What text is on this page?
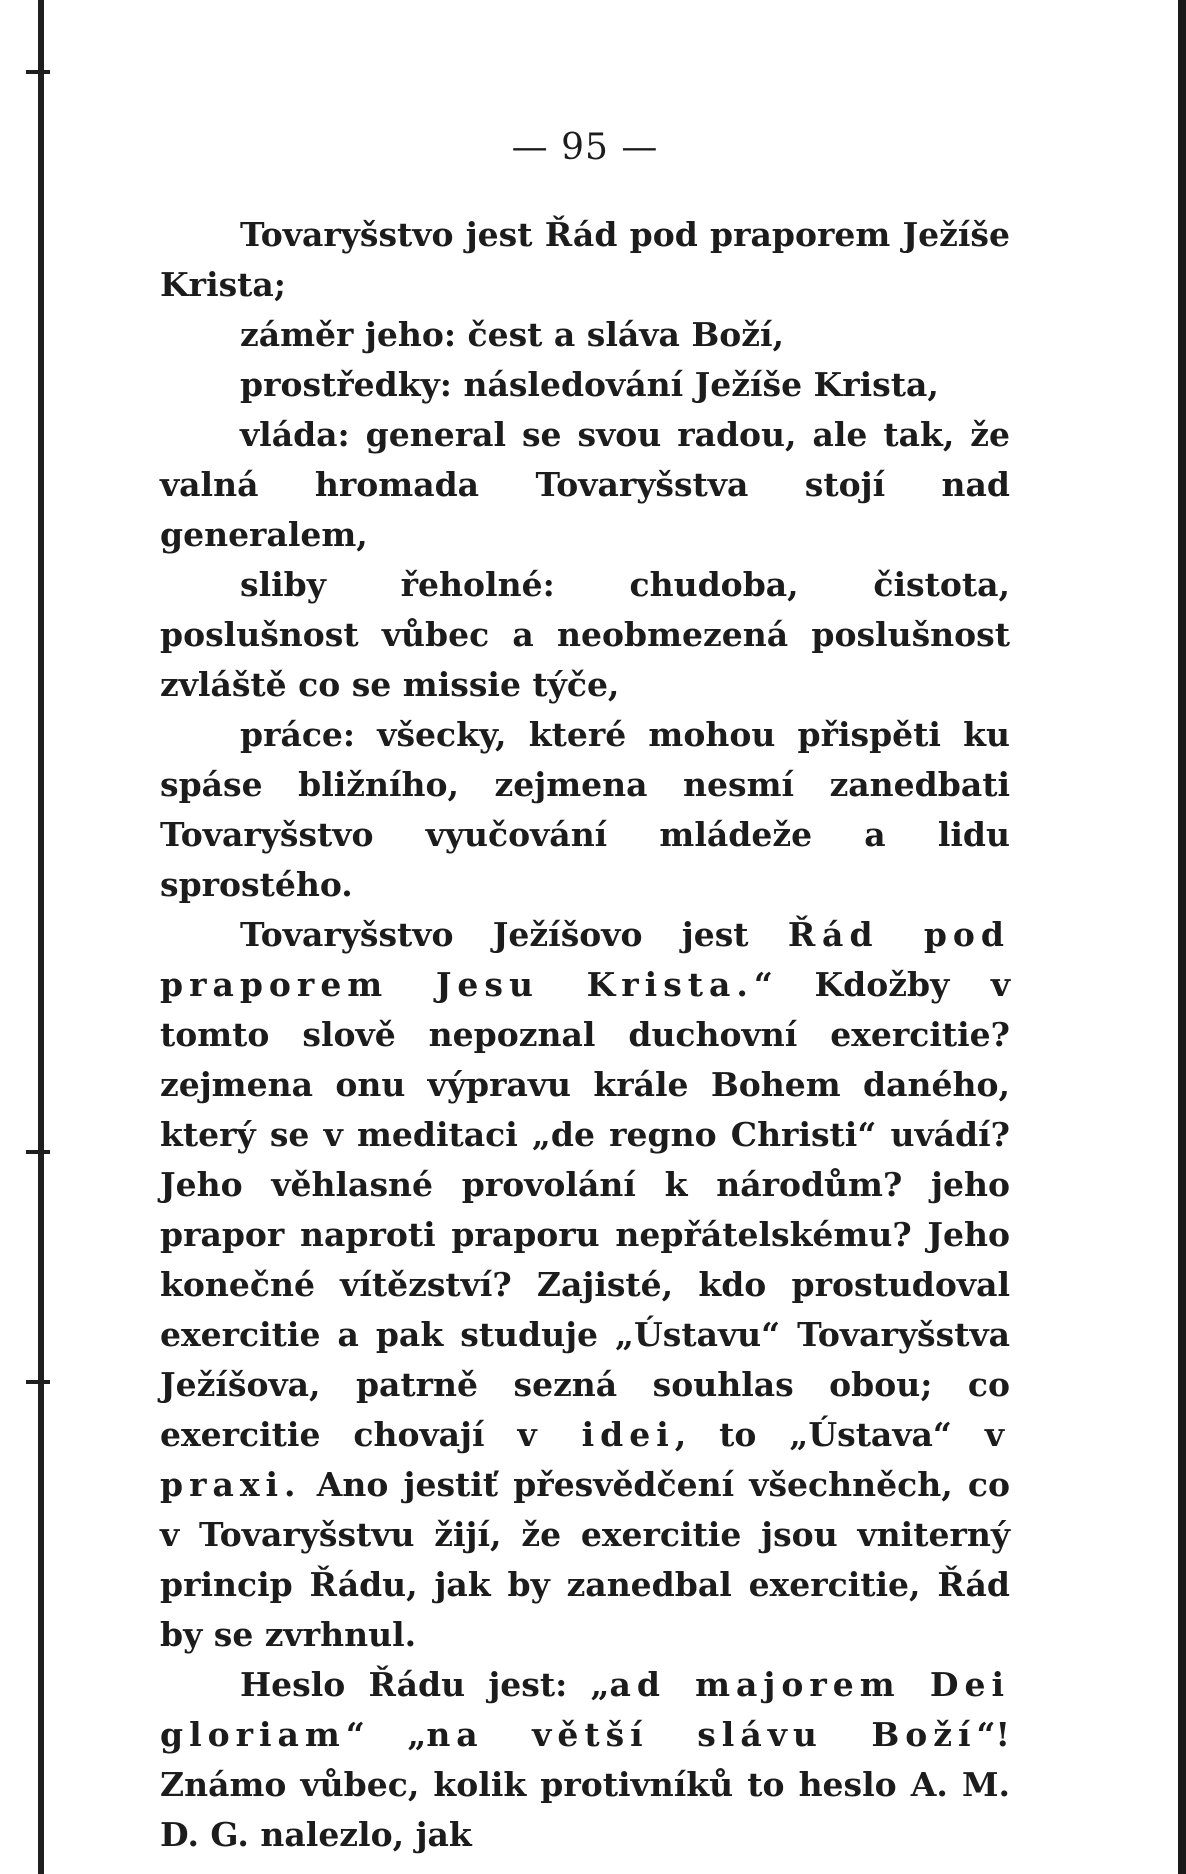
— 95 —

Tovaryšstvo jest Řád pod praporem Ježíše Krista;

záměr jeho: čest a sláva Boží,

prostředky: následování Ježíše Krista,

vláda: general se svou radou, ale tak, že valná hromada Tovaryšstva stojí nad generalem,

sliby řeholné: chudoba, čistota, poslušnost vůbec a neobmezená poslušnost zvláště co se missie týče,

práce: všecky, které mohou přispěti ku spáse bližního, zejmena nesmí zanedbati Tovaryšstvo vyučování mládeže a lidu sprostého.

Tovaryšstvo Ježíšovo jest Řád pod praporem Jesu Krista.“ Kdožby v tomto slově nepoznal duchovní exercitie? zejmena onu výpravu krále Bohem daného, který se v meditaci „de regno Christi“ uvádí? Jeho věhlasné provolání k národům? jeho prapor naproti praporu nepřátelskému? Jeho konečné vítězství? Zajisté, kdo prostudoval exercitie a pak studuje „Ústavu“ Tovaryšstva Ježíšova, patrně sezná souhlas obou; co exercitie chovají v idei, to „Ústava“ v praxi. Ano jestiť přesvědčení všechněch, co v Tovaryšstvu žijí, že exercitie jsou vniterný princip Řádu, jak by zanedbal exercitie, Řád by se zvrhnul.

Heslo Řádu jest: „ad majorem Dei gloriam“ „na větší slávu Boží“! Známo vůbec, kolik protivníků to heslo A. M. D. G. nalezlo, jak
